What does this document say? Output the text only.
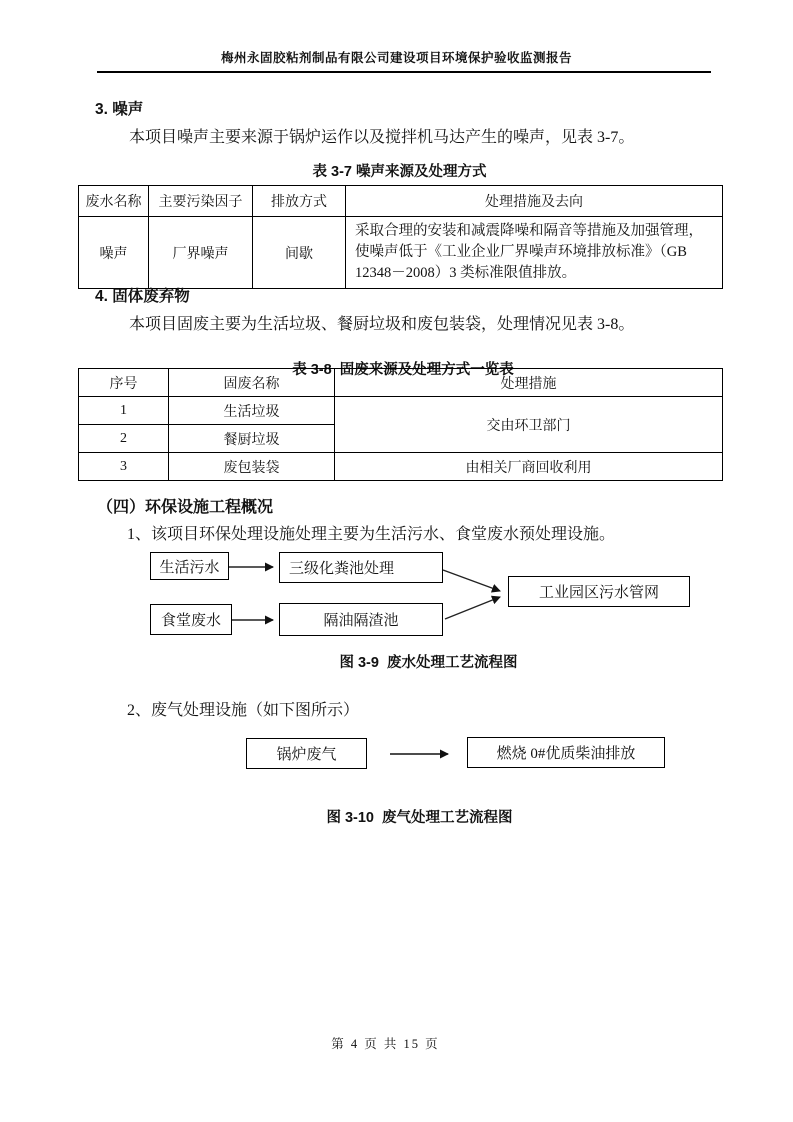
梅州永固胶粘剂制品有限公司建设项目环境保护验收监测报告
3. 噪声
本项目噪声主要来源于锅炉运作以及搅拌机马达产生的噪声，见表 3-7。
表 3-7 噪声来源及处理方式
废水名称	主要污染因子	排放方式	处理措施及去向
噪声	厂界噪声	间歇	采取合理的安装和减震降噪和隔音等措施及加强管理，使噪声低于《工业企业厂界噪声环境排放标准》（GB 12348－2008）3 类标准限值排放。
4. 固体废弃物
本项目固废主要为生活垃圾、餐厨垃圾和废包装袋，处理情况见表 3-8。
表 3-8  固废来源及处理方式一览表
序号	固废名称	处理措施
1	生活垃圾	交由环卫部门
2	餐厨垃圾	
3	废包装袋	由相关厂商回收利用
（四）环保设施工程概况
1、该项目环保处理设施处理主要为生活污水、食堂废水预处理设施。
生活污水	三级化粪池处理
食堂废水	隔油隔渣池
工业园区污水管网
图 3-9  废水处理工艺流程图
2、废气处理设施（如下图所示）
锅炉废气	燃烧 0#优质柴油排放
图 3-10  废气处理工艺流程图
第 4 页 共 15 页
